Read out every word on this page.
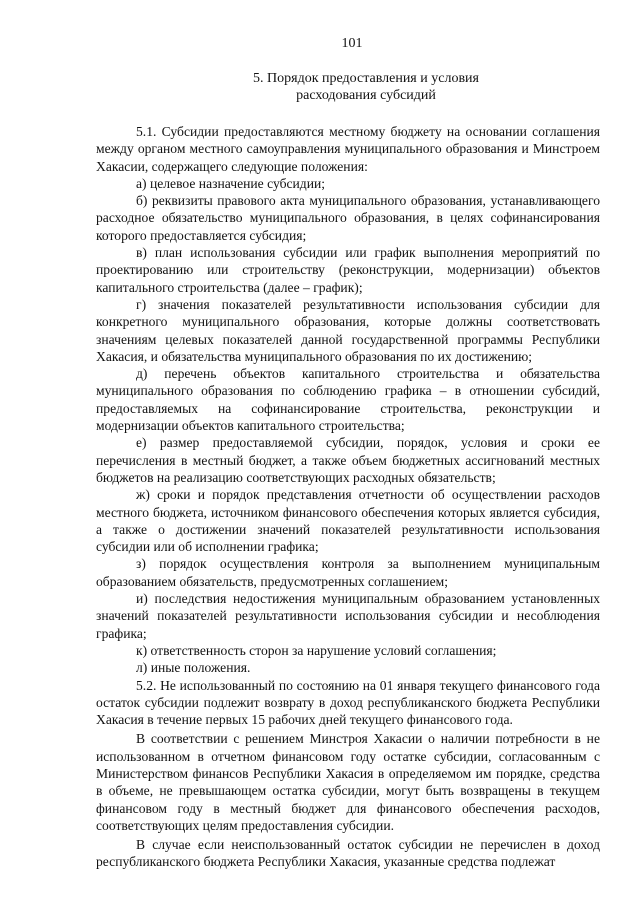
101
5. Порядок предоставления и условия
расходования субсидий

5.1. Субсидии предоставляются местному бюджету на основании соглашения между органом местного самоуправления муниципального образования и Минстроем Хакасии, содержащего следующие положения:

а) целевое назначение субсидии;

б) реквизиты правового акта муниципального образования, устанавливающего расходное обязательство муниципального образования, в целях софинансирования которого предоставляется субсидия;

в) план использования субсидии или график выполнения мероприятий по проектированию или строительству (реконструкции, модернизации) объектов капитального строительства (далее – график);

г) значения показателей результативности использования субсидии для конкретного муниципального образования, которые должны соответствовать значениям целевых показателей данной государственной программы Республики Хакасия, и обязательства муниципального образования по их достижению;

д) перечень объектов капитального строительства и обязательства муниципального образования по соблюдению графика – в отношении субсидий, предоставляемых на софинансирование строительства, реконструкции и модернизации объектов капитального строительства;

е) размер предоставляемой субсидии, порядок, условия и сроки ее перечисления в местный бюджет, а также объем бюджетных ассигнований местных бюджетов на реализацию соответствующих расходных обязательств;

ж) сроки и порядок представления отчетности об осуществлении расходов местного бюджета, источником финансового обеспечения которых является субсидия, а также о достижении значений показателей результативности использования субсидии или об исполнении графика;

з) порядок осуществления контроля за выполнением муниципальным образованием обязательств, предусмотренных соглашением;

и) последствия недостижения муниципальным образованием установленных значений показателей результативности использования субсидии и несоблюдения графика;

к) ответственность сторон за нарушение условий соглашения;

л) иные положения.

5.2. Не использованный по состоянию на 01 января текущего финансового года остаток субсидии подлежит возврату в доход республиканского бюджета Республики Хакасия в течение первых 15 рабочих дней текущего финансового года.

В соответствии с решением Минстроя Хакасии о наличии потребности в не использованном в отчетном финансовом году остатке субсидии, согласованным с Министерством финансов Республики Хакасия в определяемом им порядке, средства в объеме, не превышающем остатка субсидии, могут быть возвращены в текущем финансовом году в местный бюджет для финансового обеспечения расходов, соответствующих целям предоставления субсидии.

В случае если неиспользованный остаток субсидии не перечислен в доход республиканского бюджета Республики Хакасия, указанные средства подлежат
